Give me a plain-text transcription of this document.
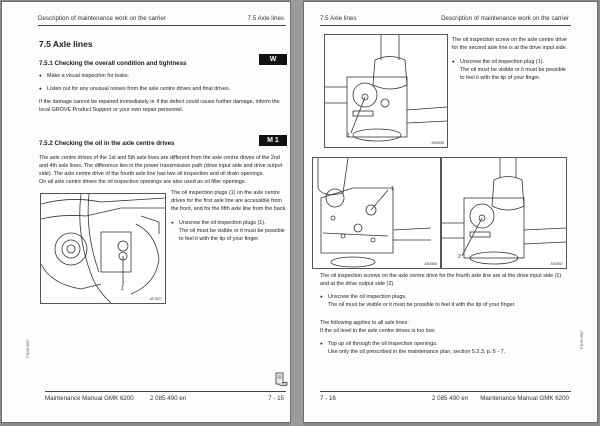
Description of maintenance work on the carrier	7.5 Axle lines
7.5 Axle lines
7.5.1 Checking the overall condition and tightness
W
● Make a visual inspection for leaks.
● Listen out for any unusual noises from the axle centre drives and final drives.
If the damage cannot be repaired immediately or if the defect could cause further damage, inform the
local GROVE Product Support or your own repair personnel.
7.5.2 Checking the oil in the axle centre drives	M 1
The axle centre drives of the 1st and 5th axle lines are different from the axle centre drives of the 2nd
and 4th axle lines. The difference lies in the power transmission path (drive input side and drive output
side). The axle centre drive of the fourth axle line has two oil inspection and oil drain openings.
On all axle centre drives the oil inspection openings are also used as oil filler openings.
1
AF1527
The oil inspection plugs (1) on the axle centre
drives for the first axle line are accessible from
the front, and for the fifth axle line from the back.
● Unscrew the oil inspection plugs (1).
The oil must be visible or it must be possible
to feel it with the tip of your finger.
F1109 0987
Maintenance Manual GMK 6200	2 085 490 en	7 - 15
7.5 Axle lines	Description of maintenance work on the carrier
1
AS0555
The oil inspection screw on the axle centre drive
for the second axle line is at the drive input side.
● Unscrew the oil inspection plug (1).
The oil must be visible or it must be possible
to feel it with the tip of your finger.
1
AS0556
2
AS0557
The oil inspection screws on the axle centre drive for the fourth axle line are at the drive input side (1)
and at the drive output side (2).
● Unscrew the oil inspection plugs.
The oil must be visible or it must be possible to feel it with the tip of your finger.
The following applies to all axle lines:
If the oil level in the axle centre drives is too low:
● Top up oil through the oil inspection openings.
Use only the oil prescribed in the maintenance plan, section 5.2.3, p. 5 - 7.
F1109 0987
7 - 16	2 085 490 en Maintenance Manual GMK 6200
